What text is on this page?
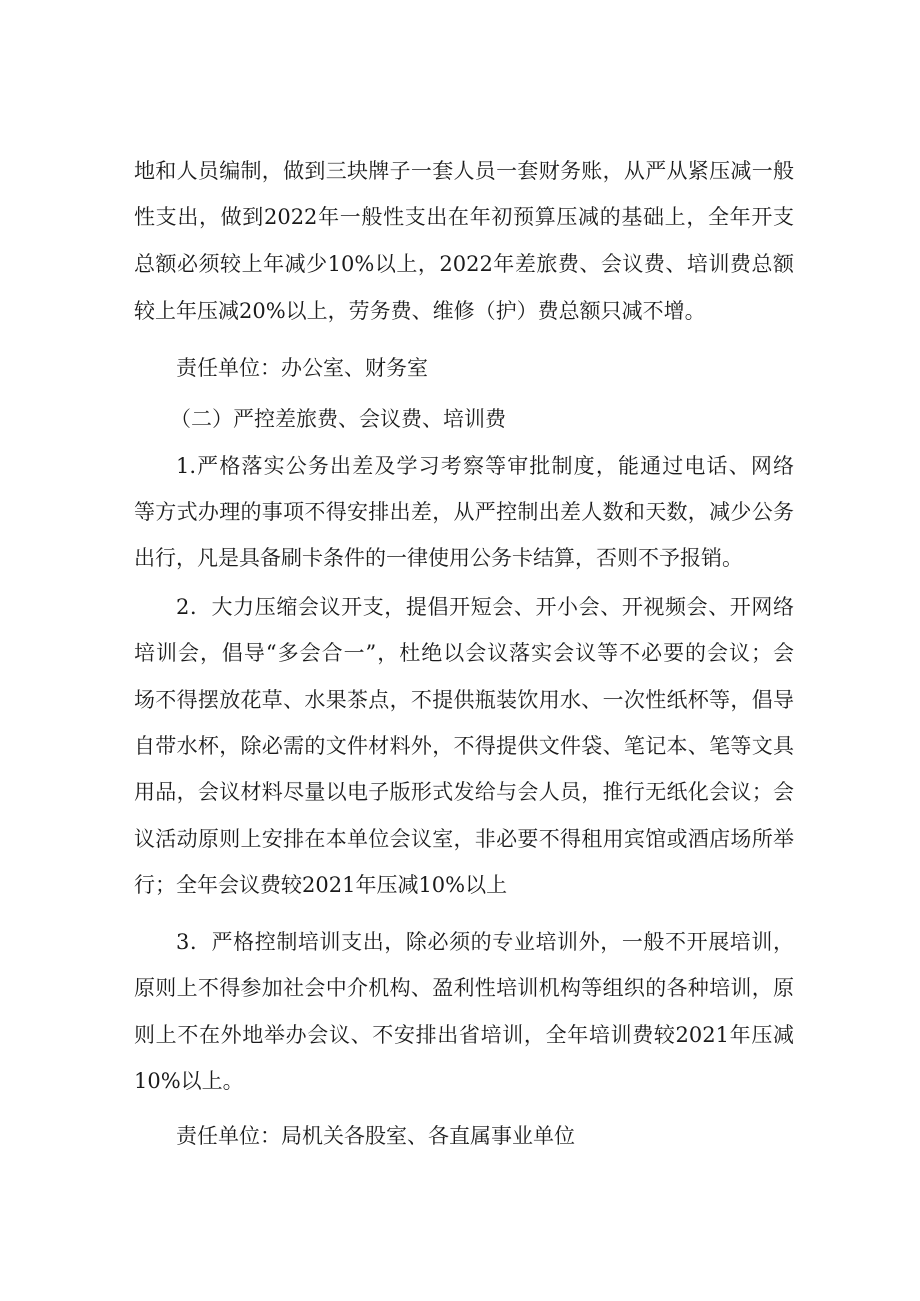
地和人员编制，做到三块牌子一套人员一套财务账，从严从紧压减一般

性支出，做到2022年一般性支出在年初预算压减的基础上，全年开支

总额必须较上年减少10%以上，2022年差旅费、会议费、培训费总额

较上年压减20%以上，劳务费、维修（护）费总额只减不增。

责任单位：办公室、财务室

（二）严控差旅费、会议费、培训费

1.严格落实公务出差及学习考察等审批制度，能通过电话、网络

等方式办理的事项不得安排出差，从严控制出差人数和天数，减少公务

出行，凡是具备刷卡条件的一律使用公务卡结算，否则不予报销。

2．大力压缩会议开支，提倡开短会、开小会、开视频会、开网络

培训会，倡导“多会合一”，杜绝以会议落实会议等不必要的会议；会

场不得摆放花草、水果茶点，不提供瓶装饮用水、一次性纸杯等，倡导

自带水杯，除必需的文件材料外，不得提供文件袋、笔记本、笔等文具

用品，会议材料尽量以电子版形式发给与会人员，推行无纸化会议；会

议活动原则上安排在本单位会议室，非必要不得租用宾馆或酒店场所举

行；全年会议费较2021年压减10%以上

3．严格控制培训支出，除必须的专业培训外，一般不开展培训，

原则上不得参加社会中介机构、盈利性培训机构等组织的各种培训，原

则上不在外地举办会议、不安排出省培训，全年培训费较2021年压减

10%以上。

责任单位：局机关各股室、各直属事业单位
